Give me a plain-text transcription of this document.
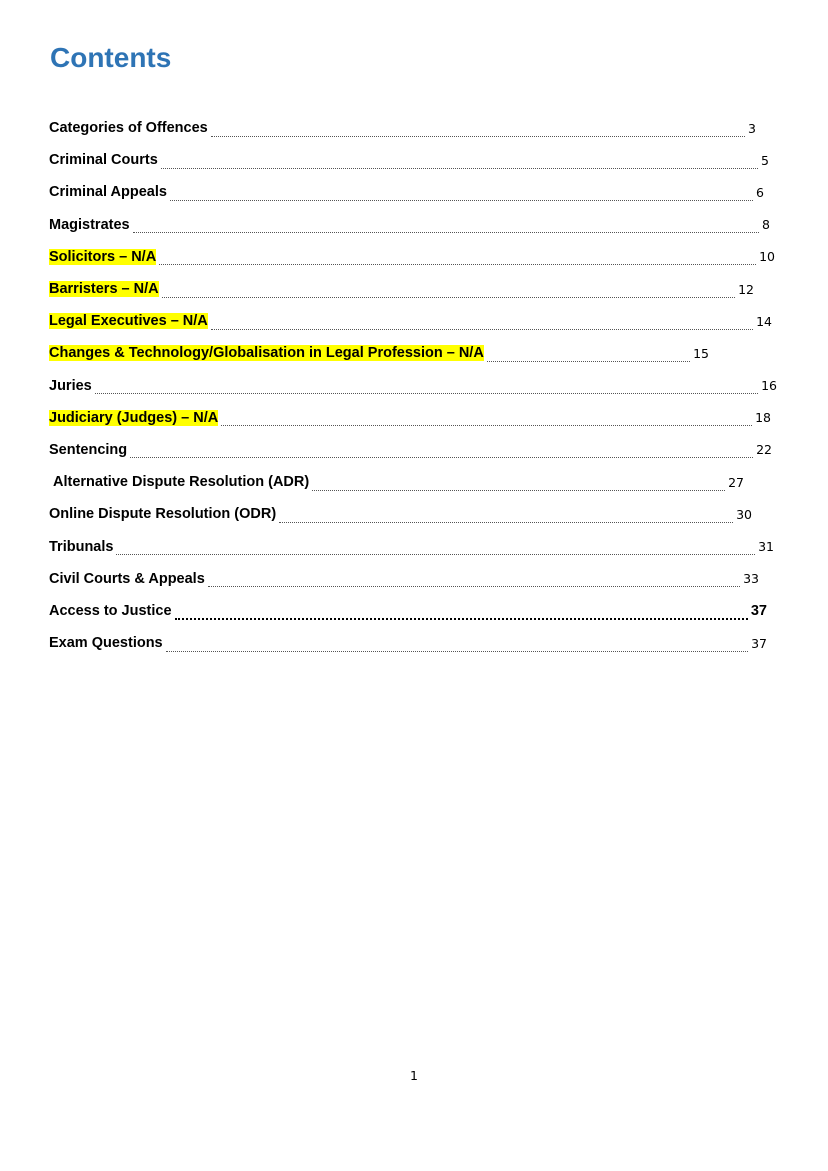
Contents
Categories of Offences	3
Criminal Courts	5
Criminal Appeals	6
Magistrates	8
Solicitors – N/A	10
Barristers – N/A	12
Legal Executives – N/A	14
Changes & Technology/Globalisation in Legal Profession – N/A	15
Juries	16
Judiciary (Judges) – N/A	18
Sentencing	22
Alternative Dispute Resolution (ADR)	27
Online Dispute Resolution (ODR)	30
Tribunals	31
Civil Courts & Appeals	33
Access to Justice	37
Exam Questions	37
1
